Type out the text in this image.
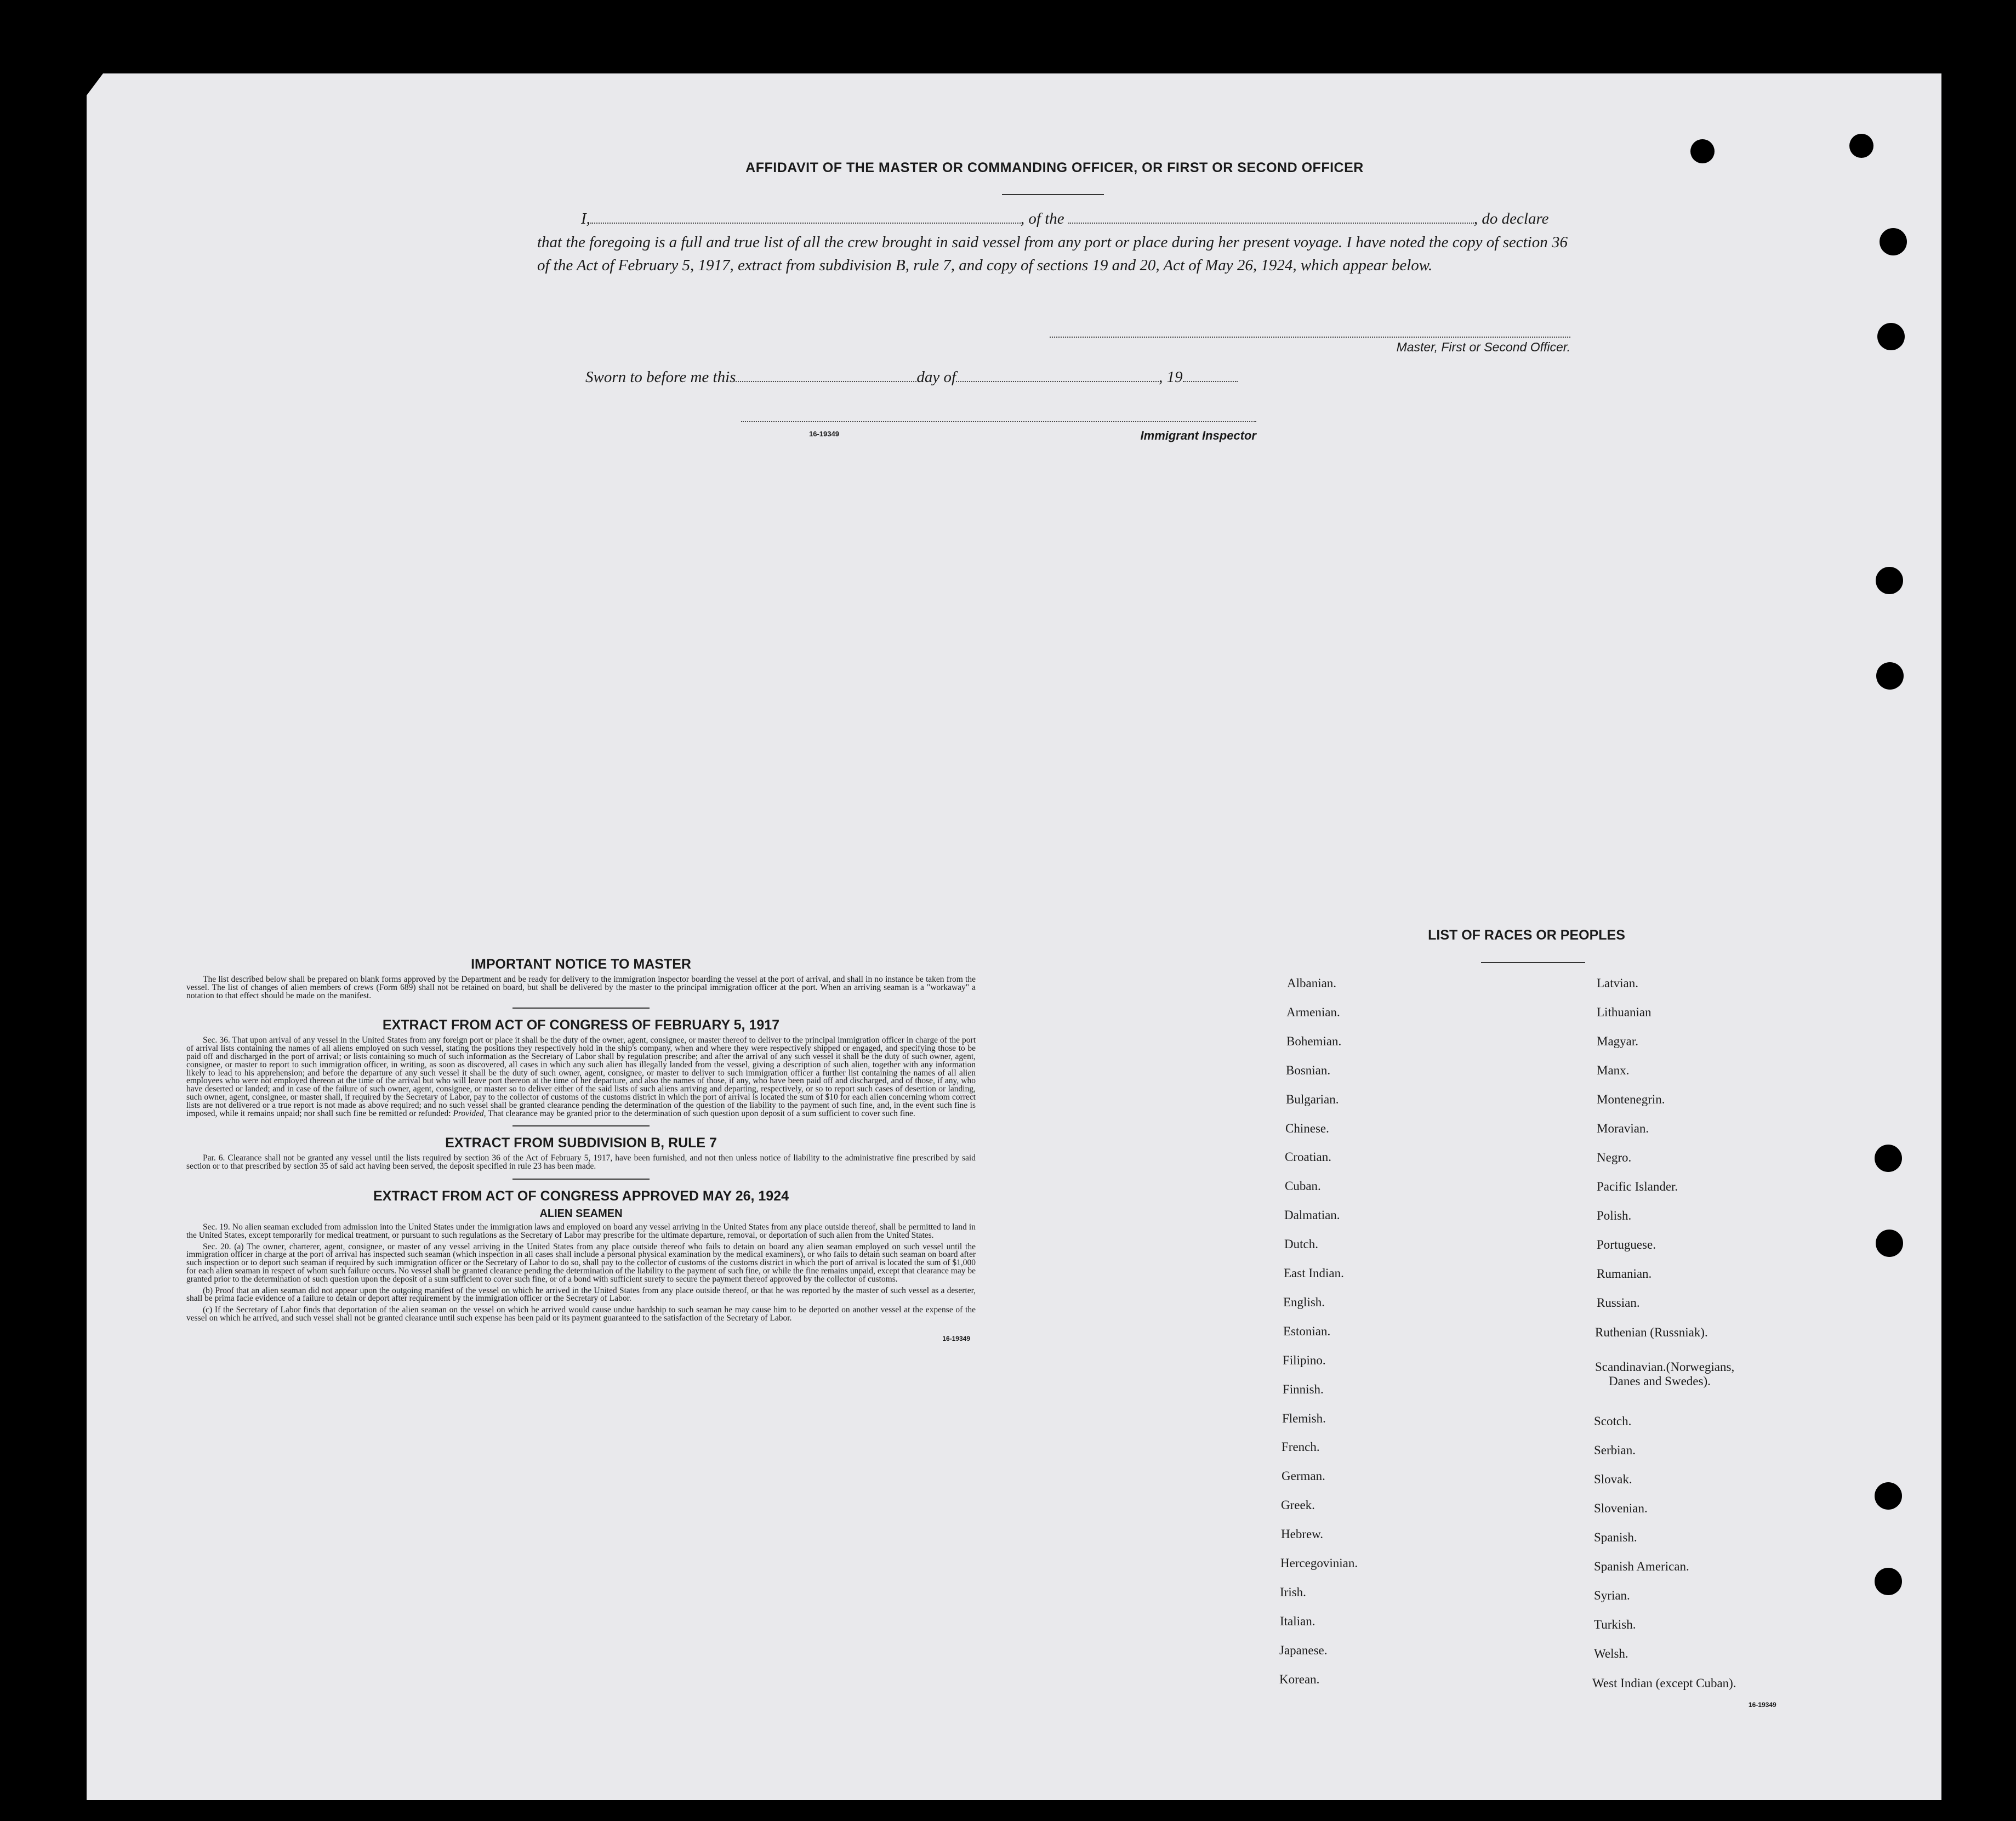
AFFIDAVIT OF THE MASTER OR COMMANDING OFFICER, OR FIRST OR SECOND OFFICER
I,	, of the	, do declare
that the foregoing is a full and true list of all the crew brought in said vessel from any port or place during her present voyage. I have noted the copy of section 36 of the Act of February 5, 1917, extract from subdivision B, rule 7, and copy of sections 19 and 20, Act of May 26, 1924, which appear below.
Master, First or Second Officer.
Sworn to before me this	day of	, 19
16-19349	Immigrant Inspector
IMPORTANT NOTICE TO MASTER

The list described below shall be prepared on blank forms approved by the Department and be ready for delivery to the immigration inspector boarding the vessel at the port of arrival, and shall in no instance be taken from the vessel. The list of changes of alien members of crews (Form 689) shall not be retained on board, but shall be delivered by the master to the principal immigration officer at the port. When an arriving seaman is a "workaway" a notation to that effect should be made on the manifest.

EXTRACT FROM ACT OF CONGRESS OF FEBRUARY 5, 1917

Sec. 36. That upon arrival of any vessel in the United States from any foreign port or place it shall be the duty of the owner, agent, consignee, or master thereof to deliver to the principal immigration officer in charge of the port of arrival lists containing the names of all aliens employed on such vessel, stating the positions they respectively hold in the ship's company, when and where they were respectively shipped or engaged, and specifying those to be paid off and discharged in the port of arrival; or lists containing so much of such information as the Secretary of Labor shall by regulation prescribe; and after the arrival of any such vessel it shall be the duty of such owner, agent, consignee, or master to report to such immigration officer, in writing, as soon as discovered, all cases in which any such alien has illegally landed from the vessel, giving a description of such alien, together with any information likely to lead to his apprehension; and before the departure of any such vessel it shall be the duty of such owner, agent, consignee, or master to deliver to such immigration officer a further list containing the names of all alien employees who were not employed thereon at the time of the arrival but who will leave port thereon at the time of her departure, and also the names of those, if any, who have been paid off and discharged, and of those, if any, who have deserted or landed; and in case of the failure of such owner, agent, consignee, or master so to deliver either of the said lists of such aliens arriving and departing, respectively, or so to report such cases of desertion or landing, such owner, agent, consignee, or master shall, if required by the Secretary of Labor, pay to the collector of customs of the customs district in which the port of arrival is located the sum of $10 for each alien concerning whom correct lists are not delivered or a true report is not made as above required; and no such vessel shall be granted clearance pending the determination of the question of the liability to the payment of such fine, and, in the event such fine is imposed, while it remains unpaid; nor shall such fine be remitted or refunded: Provided, That clearance may be granted prior to the determination of such question upon deposit of a sum sufficient to cover such fine.

EXTRACT FROM SUBDIVISION B, RULE 7

Par. 6. Clearance shall not be granted any vessel until the lists required by section 36 of the Act of February 5, 1917, have been furnished, and not then unless notice of liability to the administrative fine prescribed by said section or to that prescribed by section 35 of said act having been served, the deposit specified in rule 23 has been made.

EXTRACT FROM ACT OF CONGRESS APPROVED MAY 26, 1924
ALIEN SEAMEN

Sec. 19. No alien seaman excluded from admission into the United States under the immigration laws and employed on board any vessel arriving in the United States from any place outside thereof, shall be permitted to land in the United States, except temporarily for medical treatment, or pursuant to such regulations as the Secretary of Labor may prescribe for the ultimate departure, removal, or deportation of such alien from the United States.

Sec. 20. (a) The owner, charterer, agent, consignee, or master of any vessel arriving in the United States from any place outside thereof who fails to detain on board any alien seaman employed on such vessel until the immigration officer in charge at the port of arrival has inspected such seaman (which inspection in all cases shall include a personal physical examination by the medical examiners), or who fails to detain such seaman on board after such inspection or to deport such seaman if required by such immigration officer or the Secretary of Labor to do so, shall pay to the collector of customs of the customs district in which the port of arrival is located the sum of $1,000 for each alien seaman in respect of whom such failure occurs. No vessel shall be granted clearance pending the determination of the liability to the payment of such fine, or while the fine remains unpaid, except that clearance may be granted prior to the determination of such question upon the deposit of a sum sufficient to cover such fine, or of a bond with sufficient surety to secure the payment thereof approved by the collector of customs.

(b) Proof that an alien seaman did not appear upon the outgoing manifest of the vessel on which he arrived in the United States from any place outside thereof, or that he was reported by the master of such vessel as a deserter, shall be prima facie evidence of a failure to detain or deport after requirement by the immigration officer or the Secretary of Labor.

(c) If the Secretary of Labor finds that deportation of the alien seaman on the vessel on which he arrived would cause undue hardship to such seaman he may cause him to be deported on another vessel at the expense of the vessel on which he arrived, and such vessel shall not be granted clearance until such expense has been paid or its payment guaranteed to the satisfaction of the Secretary of Labor.

16-19349
LIST OF RACES OR PEOPLES
Albanian.
Armenian.
Bohemian.
Bosnian.
Bulgarian.
Chinese.
Croatian.
Cuban.
Dalmatian.
Dutch.
East Indian.
English.
Estonian.
Filipino.
Finnish.
Flemish.
French.
German.
Greek.
Hebrew.
Hercegovinian.
Irish.
Italian.
Japanese.
Korean.
Latvian.
Lithuanian
Magyar.
Manx.
Montenegrin.
Moravian.
Negro.
Pacific Islander.
Polish.
Portuguese.
Rumanian.
Russian.
Ruthenian (Russniak).
Scandinavian.(Norwegians,
Danes and Swedes).
Scotch.
Serbian.
Slovak.
Slovenian.
Spanish.
Spanish American.
Syrian.
Turkish.
Welsh.
West Indian (except Cuban).
16-19349
